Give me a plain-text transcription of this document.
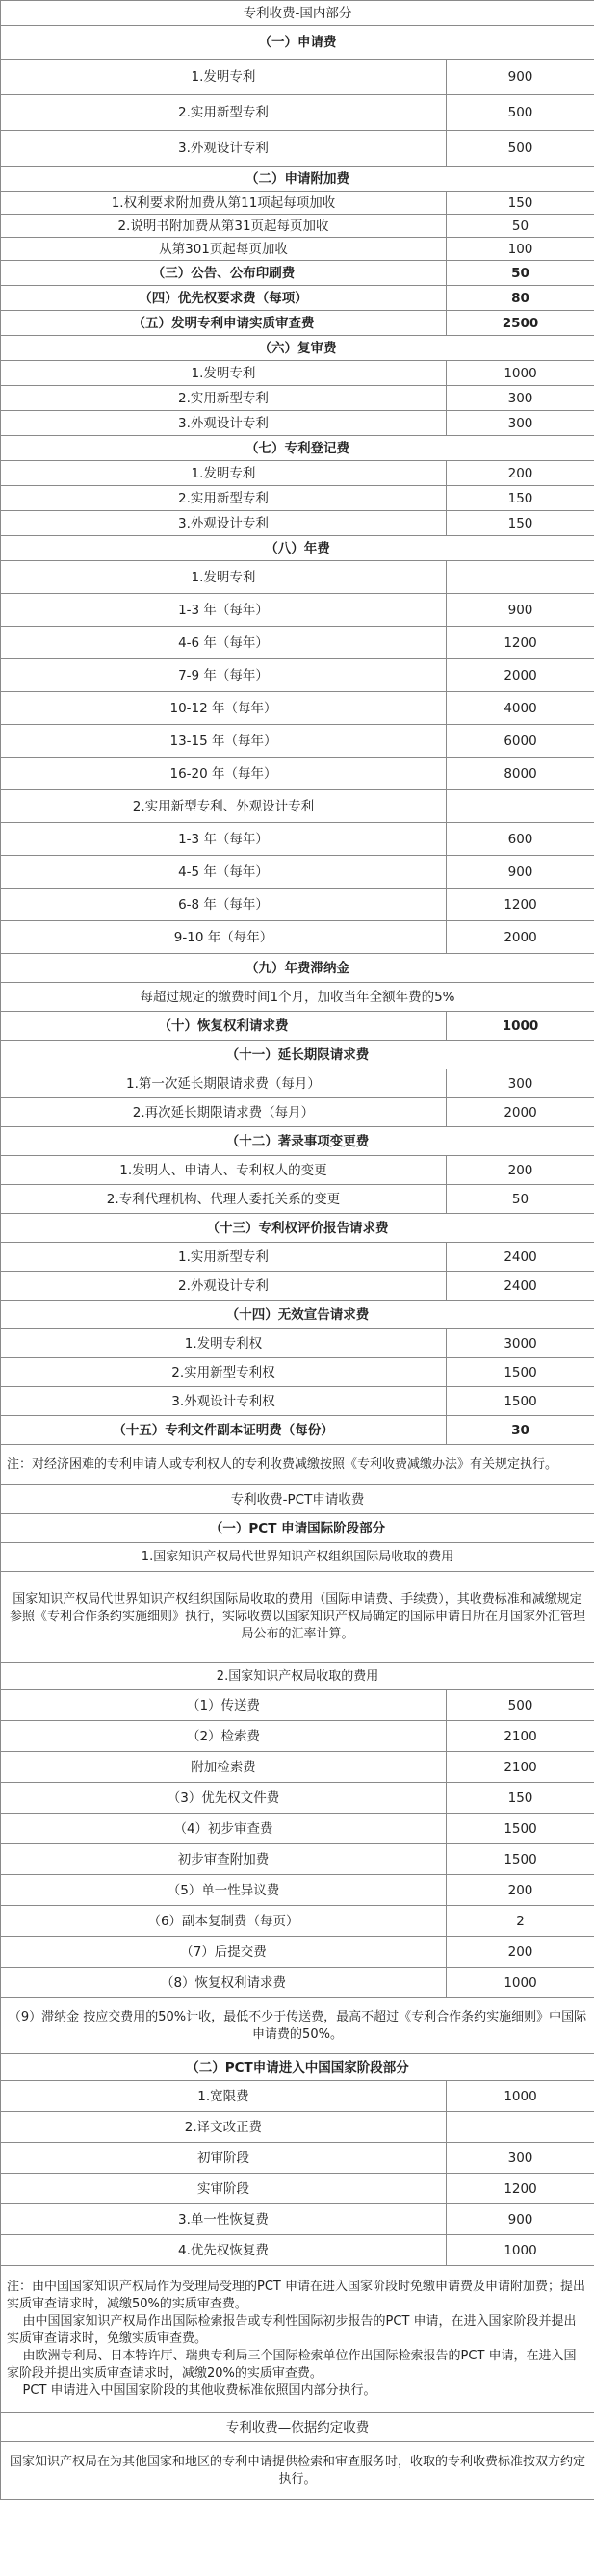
专利收费-国内部分	
（一）申请费	
1.发明专利	900
2.实用新型专利	500
3.外观设计专利	500
（二）申请附加费	
1.权利要求附加费从第11项起每项加收	150
2.说明书附加费从第31页起每页加收	50
从第301页起每页加收	100
（三）公告、公布印刷费	50
（四）优先权要求费（每项）	80
（五）发明专利申请实质审查费	2500
（六）复审费	
1.发明专利	1000
2.实用新型专利	300
3.外观设计专利	300
（七）专利登记费	
1.发明专利	200
2.实用新型专利	150
3.外观设计专利	150
（八）年费	
1.发明专利	
1-3 年（每年）	900
4-6 年（每年）	1200
7-9 年（每年）	2000
10-12 年（每年）	4000
13-15 年（每年）	6000
16-20 年（每年）	8000
2.实用新型专利、外观设计专利	
1-3 年（每年）	600
4-5 年（每年）	900
6-8 年（每年）	1200
9-10 年（每年）	2000
（九）年费滞纳金	
每超过规定的缴费时间1个月，加收当年全额年费的5%	
（十）恢复权利请求费	1000
（十一）延长期限请求费	
1.第一次延长期限请求费（每月）	300
2.再次延长期限请求费（每月）	2000
（十二）著录事项变更费	
1.发明人、申请人、专利权人的变更	200
2.专利代理机构、代理人委托关系的变更	50
（十三）专利权评价报告请求费	
1.实用新型专利	2400
2.外观设计专利	2400
（十四）无效宣告请求费	
1.发明专利权	3000
2.实用新型专利权	1500
3.外观设计专利权	1500
（十五）专利文件副本证明费（每份）	30
注：对经济困难的专利申请人或专利权人的专利收费减缴按照《专利收费减缴办法》有关规定执行。	
专利收费-PCT申请收费	
（一）PCT 申请国际阶段部分	
1.国家知识产权局代世界知识产权组织国际局收取的费用	
国家知识产权局代世界知识产权组织国际局收取的费用（国际申请费、手续费），其收费标准和减缴规定参照《专利合作条约实施细则》执行，实际收费以国家知识产权局确定的国际申请日所在月国家外汇管理局公布的汇率计算。	
2.国家知识产权局收取的费用	
（1）传送费	500
（2）检索费	2100
附加检索费	2100
（3）优先权文件费	150
（4）初步审查费	1500
初步审查附加费	1500
（5）单一性异议费	200
（6）副本复制费（每页）	2
（7）后提交费	200
（8）恢复权利请求费	1000
（9）滞纳金 按应交费用的50%计收，最低不少于传送费，最高不超过《专利合作条约实施细则》中国际申请费的50%。	
（二）PCT申请进入中国国家阶段部分	
1.宽限费	1000
2.译文改正费	
初审阶段	300
实审阶段	1200
3.单一性恢复费	900
4.优先权恢复费	1000
注：由中国国家知识产权局作为受理局受理的PCT 申请在进入国家阶段时免缴申请费及申请附加费；提出实质审查请求时，减缴50%的实质审查费。
由中国国家知识产权局作出国际检索报告或专利性国际初步报告的PCT 申请，在进入国家阶段并提出实质审查请求时，免缴实质审查费。
由欧洲专利局、日本特许厅、瑞典专利局三个国际检索单位作出国际检索报告的PCT 申请，在进入国家阶段并提出实质审查请求时，减缴20%的实质审查费。
PCT 申请进入中国国家阶段的其他收费标准依照国内部分执行。	
专利收费—依据约定收费	
国家知识产权局在为其他国家和地区的专利申请提供检索和审查服务时，收取的专利收费标准按双方约定执行。	
